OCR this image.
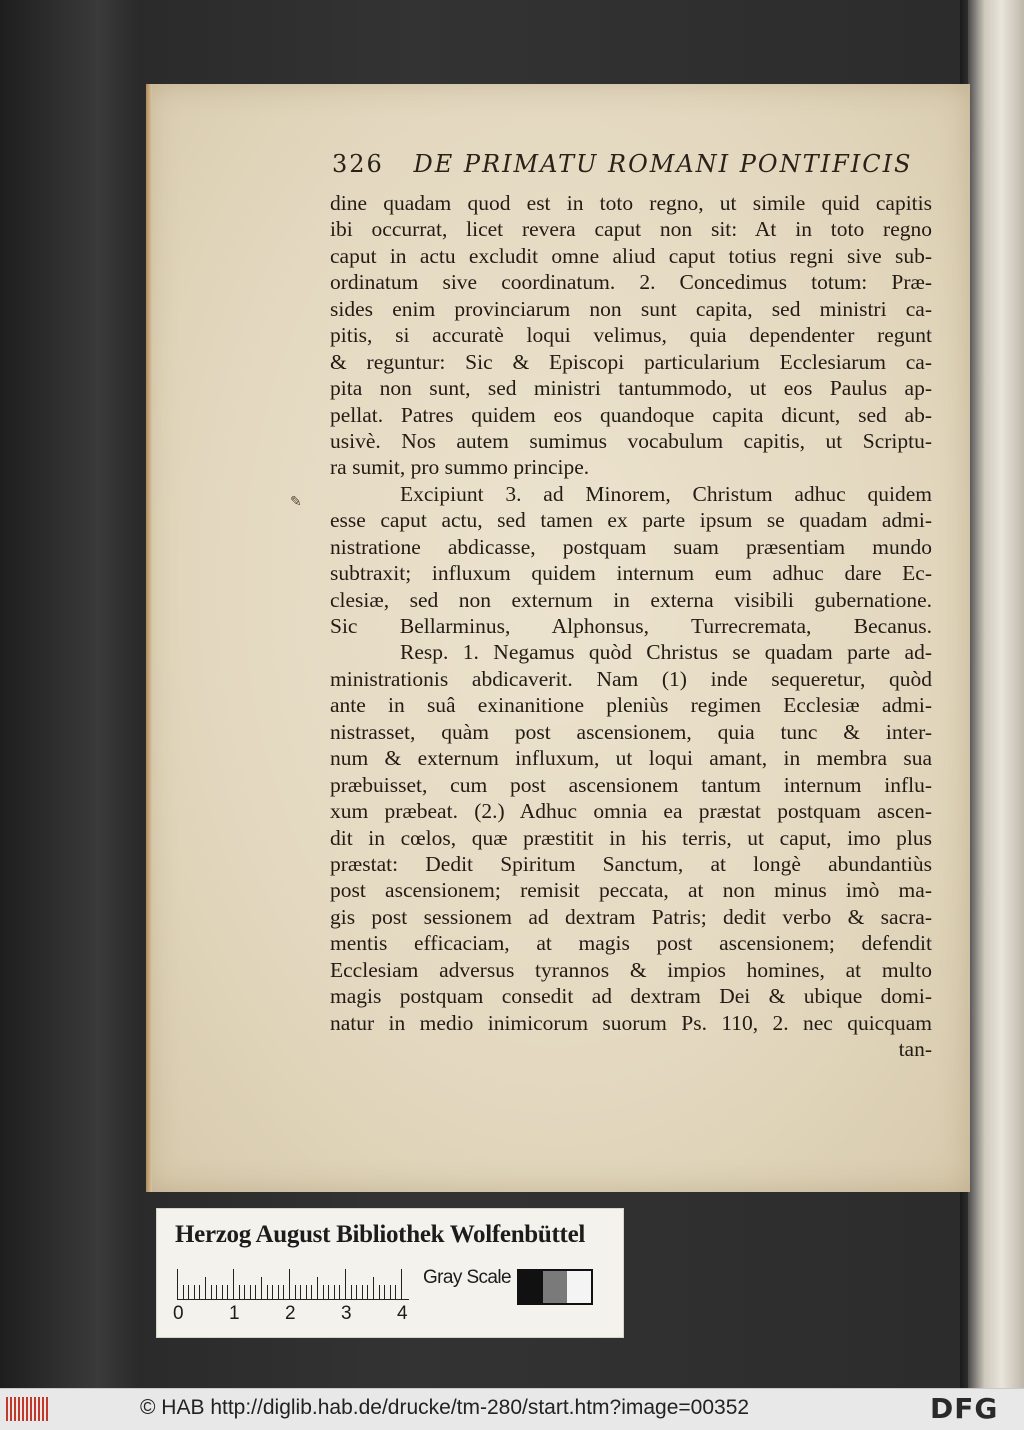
326 DE PRIMATU ROMANI PONTIFICIS
✎
dine quadam quod est in toto regno, ut simile quid capitis
ibi occurrat, licet revera caput non sit: At in toto regno
caput in actu excludit omne aliud caput totius regni sive sub-
ordinatum sive coordinatum. 2. Concedimus totum: Præ-
sides enim provinciarum non sunt capita, sed ministri ca-
pitis, si accuratè loqui velimus, quia dependenter regunt
& reguntur: Sic & Episcopi particularium Ecclesiarum ca-
pita non sunt, sed ministri tantummodo, ut eos Paulus ap-
pellat. Patres quidem eos quandoque capita dicunt, sed ab-
usivè. Nos autem sumimus vocabulum capitis, ut Scriptu-
ra sumit, pro summo principe.
Excipiunt 3. ad Minorem, Christum adhuc quidem
esse caput actu, sed tamen ex parte ipsum se quadam admi-
nistratione abdicasse, postquam suam præsentiam mundo
subtraxit; influxum quidem internum eum adhuc dare Ec-
clesiæ, sed non externum in externa visibili gubernatione.
Sic Bellarminus, Alphonsus, Turrecremata, Becanus.
Resp. 1. Negamus quòd Christus se quadam parte ad-
ministrationis abdicaverit. Nam (1) inde sequeretur, quòd
ante in suâ exinanitione pleniùs regimen Ecclesiæ admi-
nistrasset, quàm post ascensionem, quia tunc & inter-
num & externum influxum, ut loqui amant, in membra sua
præbuisset, cum post ascensionem tantum internum influ-
xum præbeat. (2.) Adhuc omnia ea præstat postquam ascen-
dit in cœlos, quæ præstitit in his terris, ut caput, imo plus
præstat: Dedit Spiritum Sanctum, at longè abundantiùs
post ascensionem; remisit peccata, at non minus imò ma-
gis post sessionem ad dextram Patris; dedit verbo & sacra-
mentis efficaciam, at magis post ascensionem; defendit
Ecclesiam adversus tyrannos & impios homines, at multo
magis postquam consedit ad dextram Dei & ubique domi-
natur in medio inimicorum suorum Ps. 110, 2. nec quicquam
tan-
Herzog August Bibliothek Wolfenbüttel
0 1 2 3 4
Gray Scale
© HAB http://diglib.hab.de/drucke/tm-280/start.htm?image=00352	DFG
